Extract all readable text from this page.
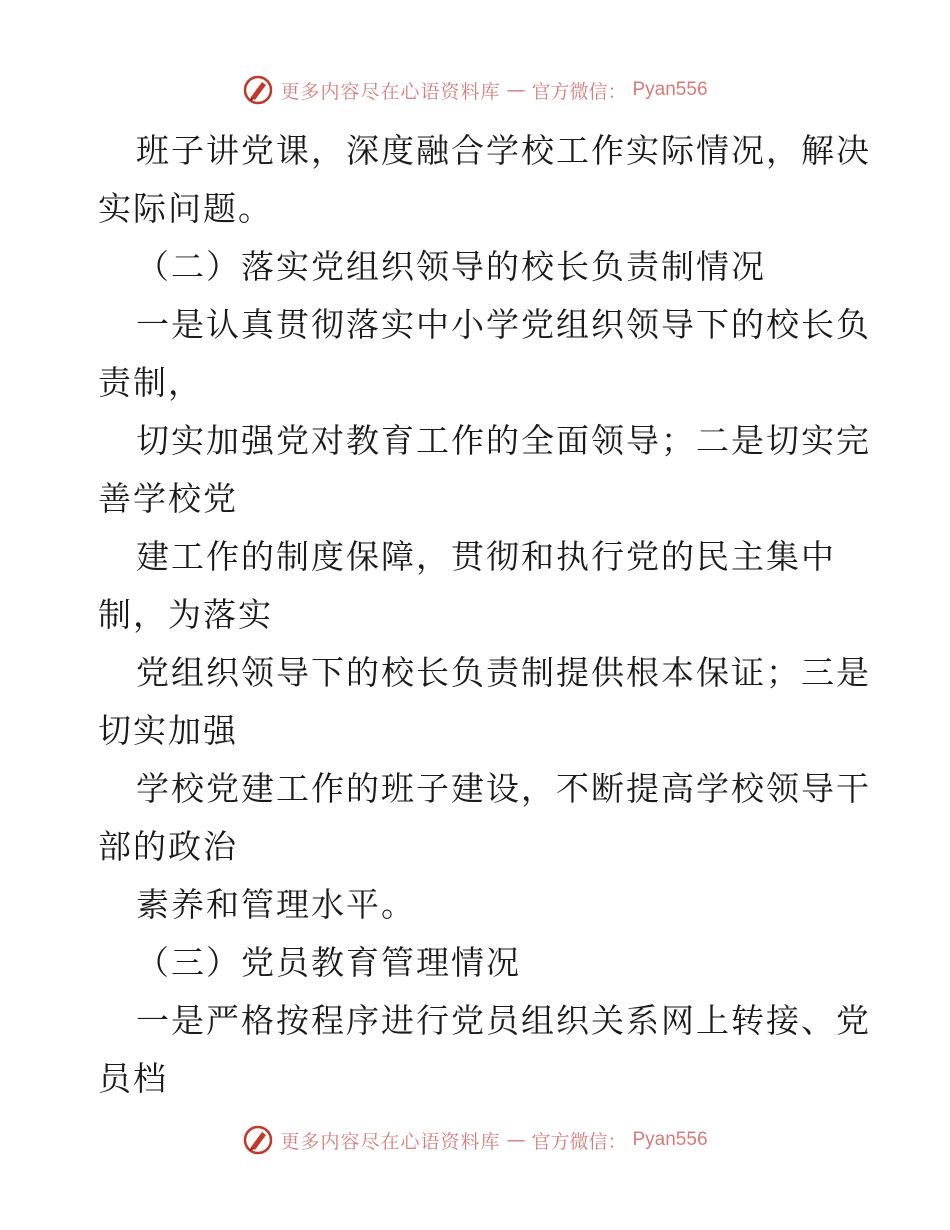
更多内容尽在心语资料库 — 官方微信： Pyan556
班子讲党课，深度融合学校工作实际情况，解决
实际问题。
（二）落实党组织领导的校长负责制情况
一是认真贯彻落实中小学党组织领导下的校长负
责制，
切实加强党对教育工作的全面领导；二是切实完
善学校党
建工作的制度保障，贯彻和执行党的民主集中
制，为落实
党组织领导下的校长负责制提供根本保证；三是
切实加强
学校党建工作的班子建设，不断提高学校领导干
部的政治
素养和管理水平。
（三）党员教育管理情况
一是严格按程序进行党员组织关系网上转接、党
员档
更多内容尽在心语资料库 — 官方微信： Pyan556
